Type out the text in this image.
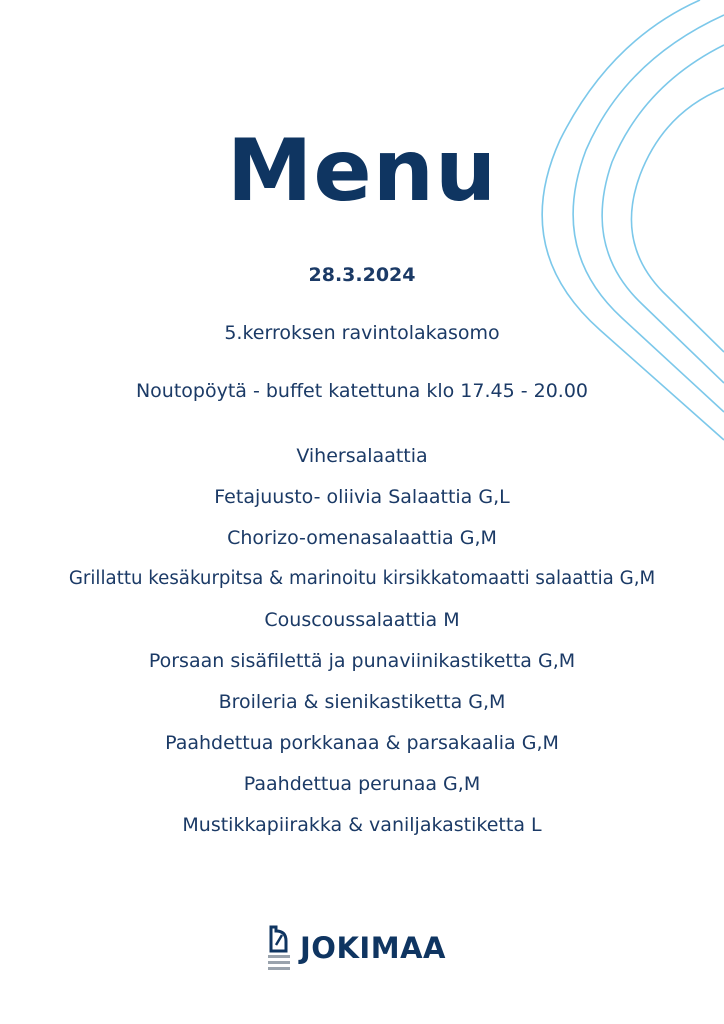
Menu
28.3.2024
5.kerroksen ravintolakasomo
Noutopöytä - buffet katettuna klo 17.45 - 20.00
Vihersalaattia
Fetajuusto- oliivia Salaattia G,L
Chorizo-omenasalaattia G,M
Grillattu kesäkurpitsa & marinoitu kirsikkatomaatti salaattia G,M
Couscoussalaattia M
Porsaan sisäfilettä ja punaviinikastiketta G,M
Broileria & sienikastiketta G,M
Paahdettua porkkanaa & parsakaalia G,M
Paahdettua perunaa G,M
Mustikkapiirakka & vaniljakastiketta L
JOKIMAA
